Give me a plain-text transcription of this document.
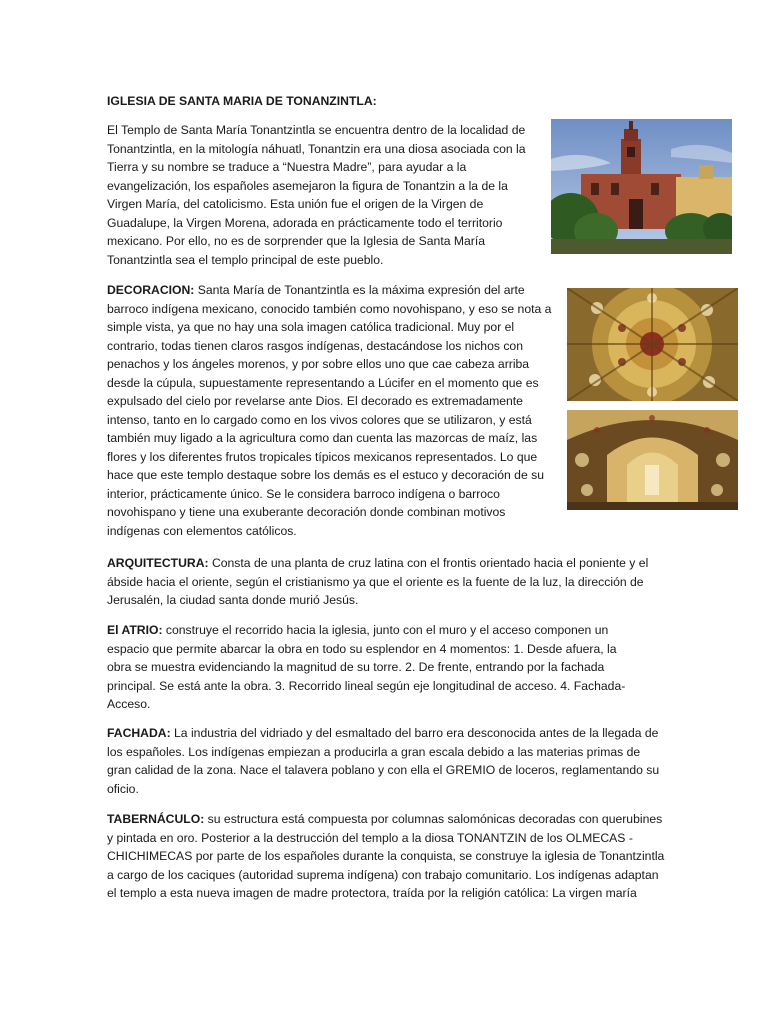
IGLESIA DE SANTA MARIA DE TONANZINTLA:

El Templo de Santa María Tonantzintla se encuentra dentro de la localidad de Tonantzintla, en la mitología náhuatl, Tonantzin era una diosa asociada con la Tierra y su nombre se traduce a “Nuestra Madre”, para ayudar a la evangelización, los españoles asemejaron la figura de Tonantzin a la de la Virgen María, del catolicismo. Esta unión fue el origen de la Virgen de Guadalupe, la Virgen Morena, adorada en prácticamente todo el territorio mexicano. Por ello, no es de sorprender que la Iglesia de Santa María Tonantzintla sea el templo principal de este pueblo.

DECORACION: Santa María de Tonantzintla es la máxima expresión del arte barroco indígena mexicano, conocido también como novohispano, y eso se nota a simple vista, ya que no hay una sola imagen católica tradicional. Muy por el contrario, todas tienen claros rasgos indígenas, destacándose los nichos con penachos y los ángeles morenos, y por sobre ellos uno que cae cabeza arriba desde la cúpula, supuestamente representando a Lúcifer en el momento que es expulsado del cielo por revelarse ante Dios. El decorado es extremadamente intenso, tanto en lo cargado como en los vivos colores que se utilizaron, y está también muy ligado a la agricultura como dan cuenta las mazorcas de maíz, las flores y los diferentes frutos tropicales típicos mexicanos representados. Lo que hace que este templo destaque sobre los demás es el estuco y decoración de su interior, prácticamente único. Se le considera barroco indígena o barroco novohispano y tiene una exuberante decoración donde combinan motivos indígenas con elementos católicos.

ARQUITECTURA: Consta de una planta de cruz latina con el frontis orientado hacia el poniente y el ábside hacia el oriente, según el cristianismo ya que el oriente es la fuente de la luz, la dirección de Jerusalén, la ciudad santa donde murió Jesús.

El ATRIO: construye el recorrido hacia la iglesia, junto con el muro y el acceso componen un espacio que permite abarcar la obra en todo su esplendor en 4 momentos: 1. Desde afuera, la obra se muestra evidenciando la magnitud de su torre. 2. De frente, entrando por la fachada principal. Se está ante la obra. 3. Recorrido lineal según eje longitudinal de acceso. 4. Fachada-Acceso.

FACHADA: La industria del vidriado y del esmaltado del barro era desconocida antes de la llegada de los españoles. Los indígenas empiezan a producirla a gran escala debido a las materias primas de gran calidad de la zona. Nace el talavera poblano y con ella el GREMIO de loceros, reglamentando su oficio.

TABERNÁCULO: su estructura está compuesta por columnas salomónicas decoradas con querubines y pintada en oro. Posterior a la destrucción del templo a la diosa TONANTZIN de los OLMECAS - CHICHIMECAS por parte de los españoles durante la conquista, se construye la iglesia de Tonantzintla a cargo de los caciques (autoridad suprema indígena) con trabajo comunitario. Los indígenas adaptan el templo a esta nueva imagen de madre protectora, traída por la religión católica: La virgen maría
